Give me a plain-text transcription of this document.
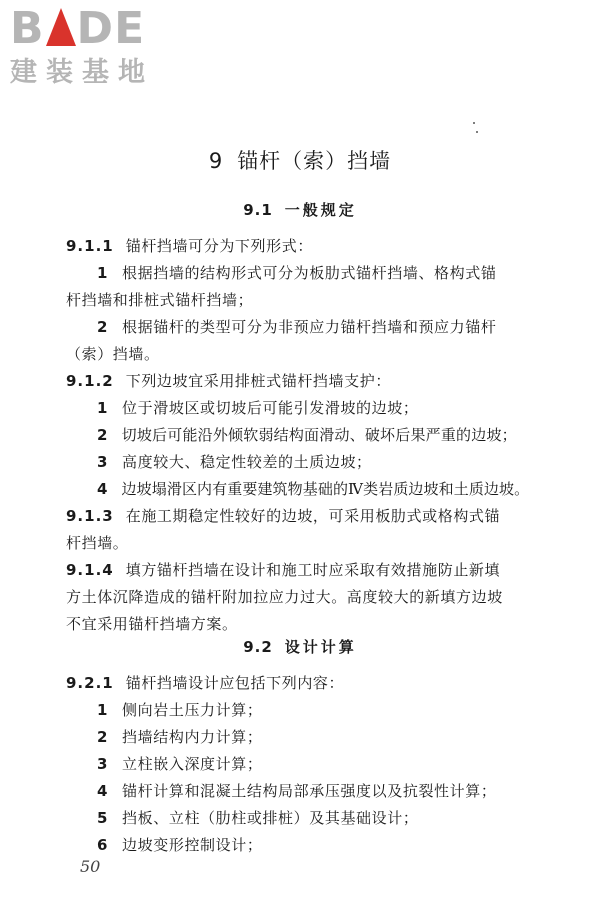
B DE
建装基地
9 锚杆（索）挡墙
9.1 一般规定
9.1.1 锚杆挡墙可分为下列形式：
1 根据挡墙的结构形式可分为板肋式锚杆挡墙、格构式锚
杆挡墙和排桩式锚杆挡墙；
2 根据锚杆的类型可分为非预应力锚杆挡墙和预应力锚杆
（索）挡墙。
9.1.2 下列边坡宜采用排桩式锚杆挡墙支护：
1 位于滑坡区或切坡后可能引发滑坡的边坡；
2 切坡后可能沿外倾软弱结构面滑动、破坏后果严重的边坡；
3 高度较大、稳定性较差的土质边坡；
4 边坡塌滑区内有重要建筑物基础的Ⅳ类岩质边坡和土质边坡。
9.1.3 在施工期稳定性较好的边坡，可采用板肋式或格构式锚
杆挡墙。
9.1.4 填方锚杆挡墙在设计和施工时应采取有效措施防止新填
方土体沉降造成的锚杆附加拉应力过大。高度较大的新填方边坡
不宜采用锚杆挡墙方案。
9.2 设计计算
9.2.1 锚杆挡墙设计应包括下列内容：
1 侧向岩土压力计算；
2 挡墙结构内力计算；
3 立柱嵌入深度计算；
4 锚杆计算和混凝土结构局部承压强度以及抗裂性计算；
5 挡板、立柱（肋柱或排桩）及其基础设计；
6 边坡变形控制设计；
50
